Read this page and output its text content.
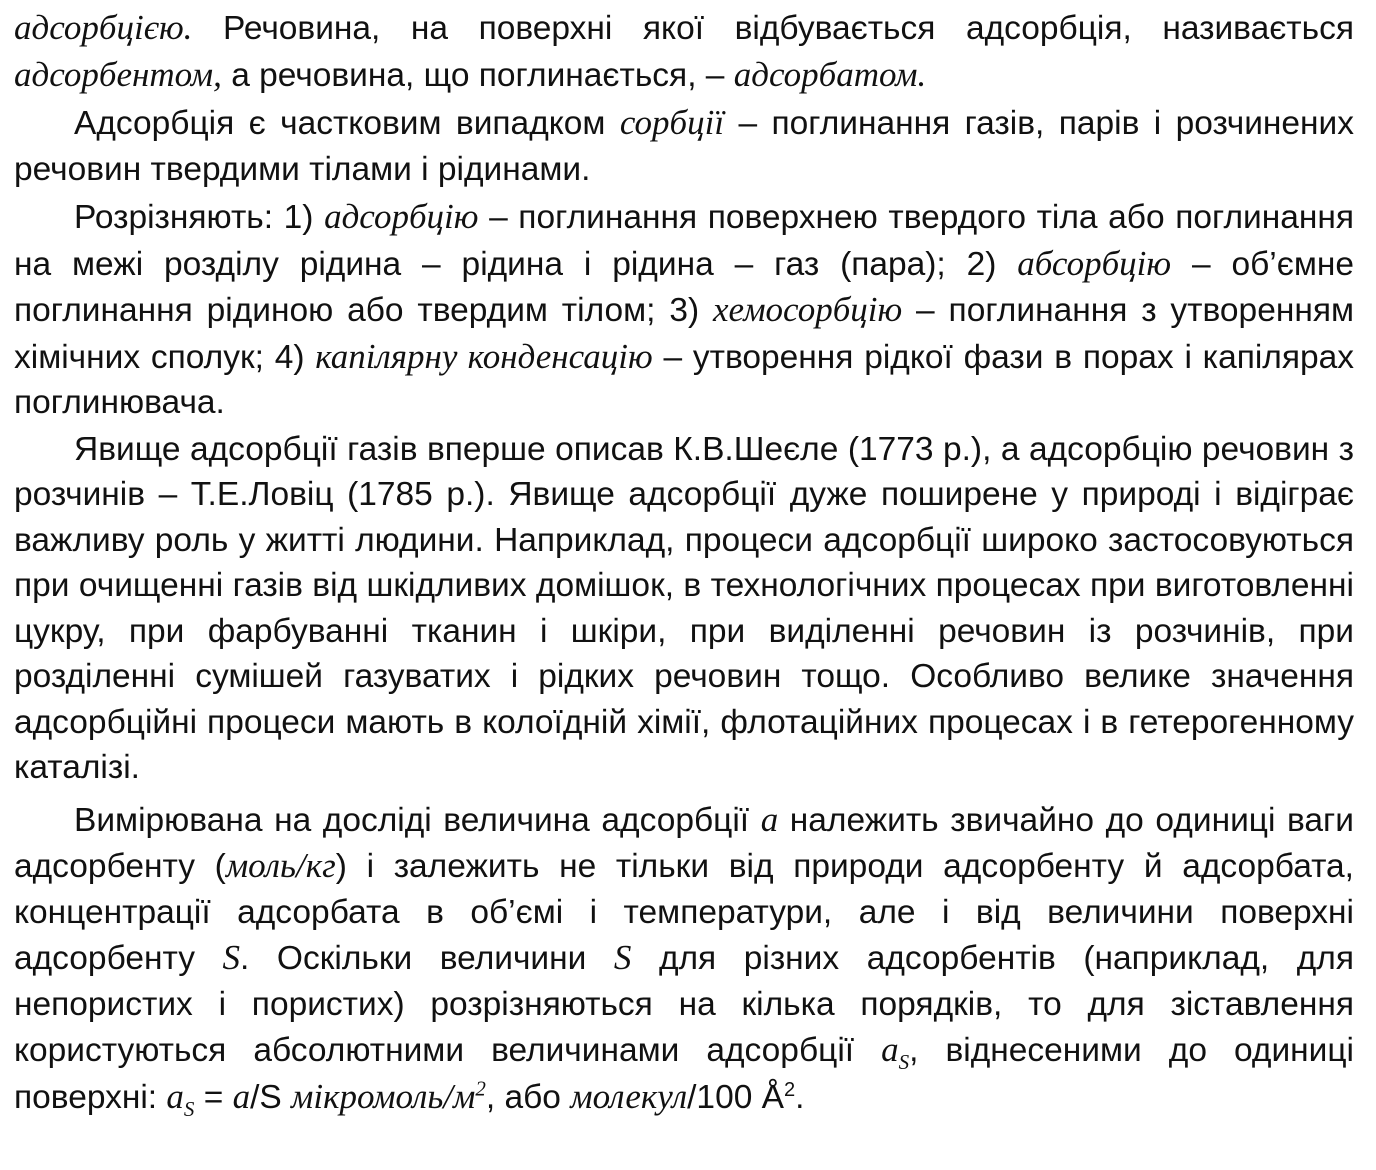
адсорбцією. Речовина, на поверхні якої відбувається адсорбція, називається адсорбентом, а речовина, що поглинається, – адсорбатом.

Адсорбція є частковим випадком сорбції – поглинання газів, парів і розчинених речовин твердими тілами і рідинами.

Розрізняють: 1) адсорбцію – поглинання поверхнею твердого тіла або поглинання на межі розділу рідина – рідина і рідина – газ (пара); 2) абсорбцію – об’ємне поглинання рідиною або твердим тілом; 3) хемосорбцію – поглинання з утворенням хімічних сполук; 4) капілярну конденсацію – утворення рідкої фази в порах і капілярах поглинювача.

Явище адсорбції газів вперше описав К.В.Шеєле (1773 р.), а адсорбцію речовин з розчинів – Т.Е.Ловіц (1785 р.). Явище адсорбції дуже поширене у природі і відіграє важливу роль у житті людини. Наприклад, процеси адсорбції широко застосовуються при очищенні газів від шкідливих домішок, в технологічних процесах при виготовленні цукру, при фарбуванні тканин і шкіри, при виділенні речовин із розчинів, при розділенні сумішей газуватих і рідких речовин тощо. Особливо велике значення адсорбційні процеси мають в колоїдній хімії, флотаційних процесах і в гетерогенному каталізі.

Вимірювана на досліді величина адсорбції a належить звичайно до одиниці ваги адсорбенту (моль/кг) і залежить не тільки від природи адсорбенту й адсорбата, концентрації адсорбата в об’ємі і температури, але і від величини поверхні адсорбенту S. Оскільки величини S для різних адсорбентів (наприклад, для непористих і пористих) розрізняються на кілька порядків, то для зіставлення користуються абсолютними величинами адсорбції $a_S$, віднесеними до одиниці поверхні: $a_S = a/S$ мікромоль/$м^2$, або молекул/100 $Å^2$.
